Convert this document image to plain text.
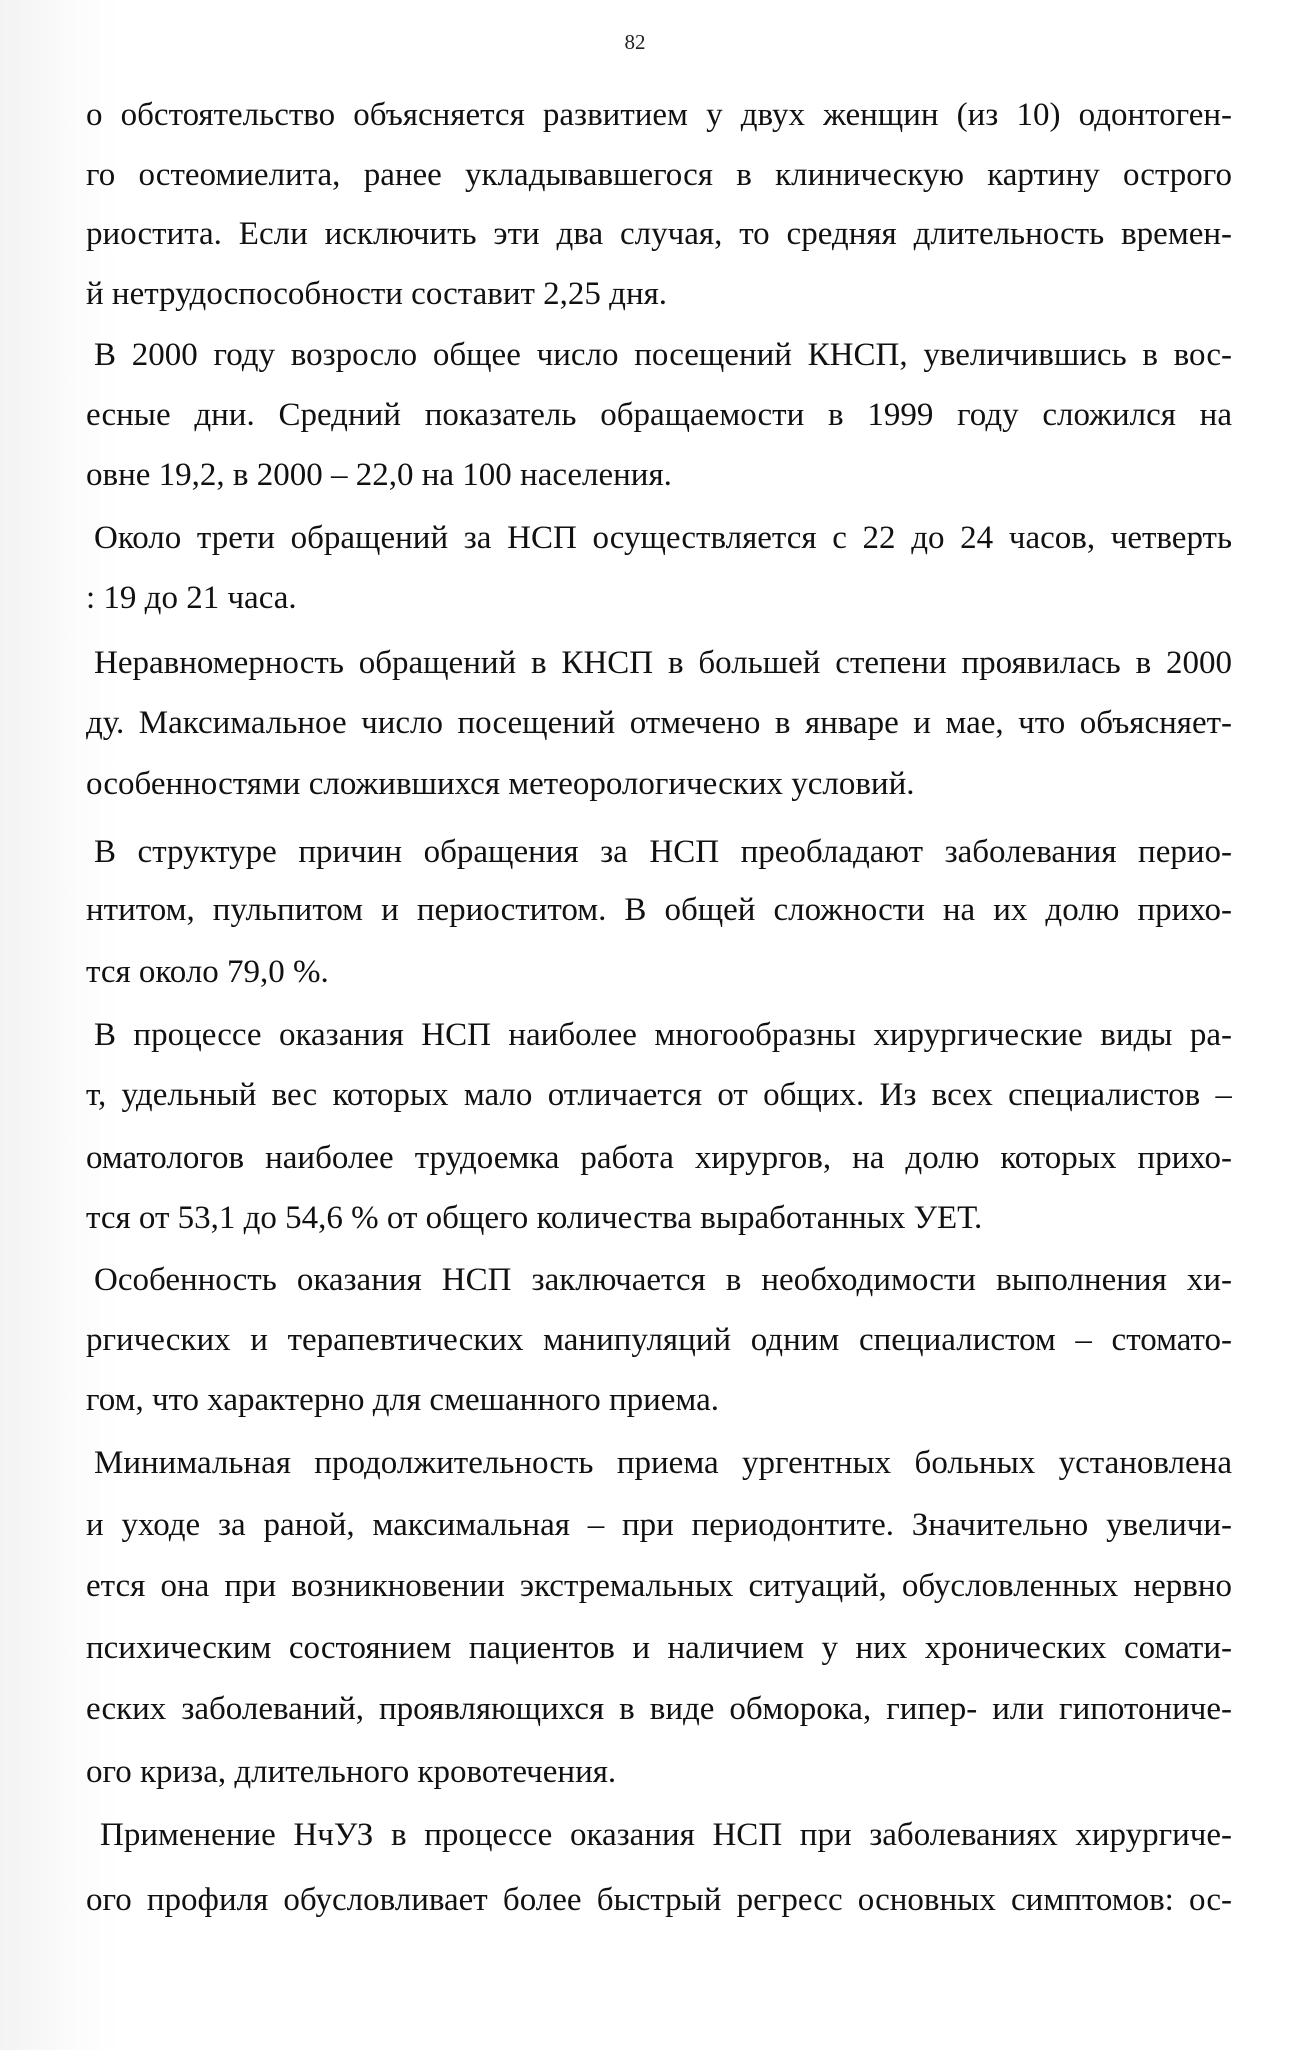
82
о обстоятельство объясняется развитием у двух женщин (из 10) одонтоген-
го остеомиелита, ранее укладывавшегося в клиническую картину острого
риостита. Если исключить эти два случая, то средняя длительность времен-
й нетрудоспособности составит 2,25 дня.
В 2000 году возросло общее число посещений КНСП, увеличившись в вос-
есные дни. Средний показатель обращаемости в 1999 году сложился на
овне 19,2, в 2000 – 22,0 на 100 населения.
Около трети обращений за НСП осуществляется с 22 до 24 часов, четверть
: 19 до 21 часа.
Неравномерность обращений в КНСП в большей степени проявилась в 2000
ду. Максимальное число посещений отмечено в январе и мае, что объясняет-
особенностями сложившихся метеорологических условий.
В структуре причин обращения за НСП преобладают заболевания перио-
нтитом, пульпитом и периоститом. В общей сложности на их долю прихо-
тся около 79,0 %.
В процессе оказания НСП наиболее многообразны хирургические виды ра-
т, удельный вес которых мало отличается от общих. Из всех специалистов –
оматологов наиболее трудоемка работа хирургов, на долю которых прихо-
тся от 53,1 до 54,6 % от общего количества выработанных УЕТ.
Особенность оказания НСП заключается в необходимости выполнения хи-
ргических и терапевтических манипуляций одним специалистом – стомато-
гом, что характерно для смешанного приема.
Минимальная продолжительность приема ургентных больных установлена
и уходе за раной, максимальная – при периодонтите. Значительно увеличи-
ется она при возникновении экстремальных ситуаций, обусловленных нервно
психическим состоянием пациентов и наличием у них хронических сомати-
еских заболеваний, проявляющихся в виде обморока, гипер- или гипотониче-
ого криза, длительного кровотечения.
Применение НчУЗ в процессе оказания НСП при заболеваниях хирургиче-
ого профиля обусловливает более быстрый регресс основных симптомов: ос-
